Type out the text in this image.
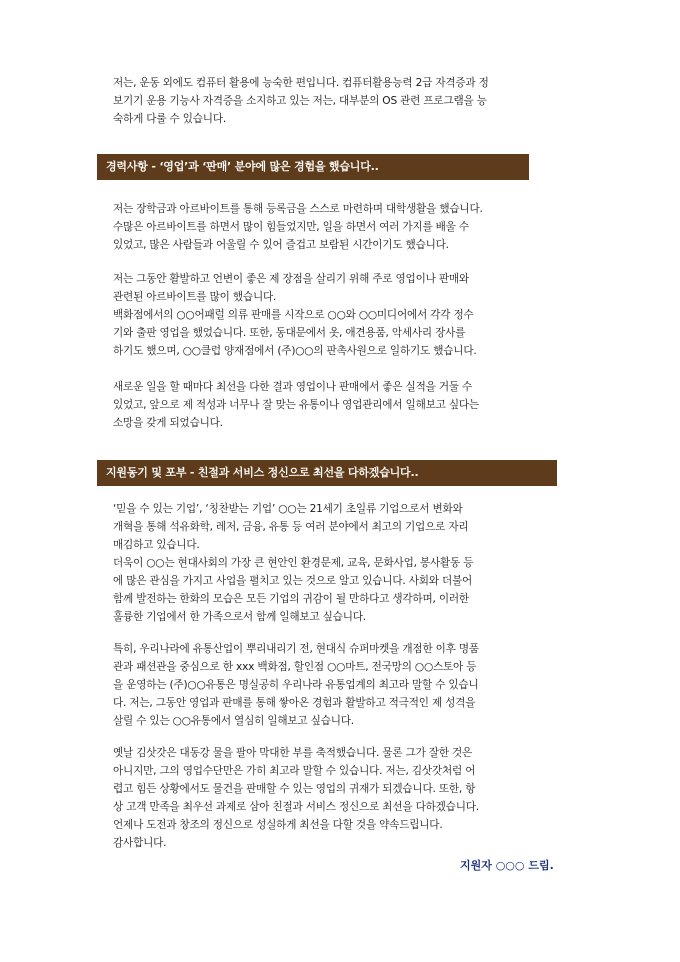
저는, 운동 외에도 컴퓨터 활용에 능숙한 편입니다. 컴퓨터활용능력 2급 자격증과 정
보기기 운용 기능사 자격증을 소지하고 있는 저는, 대부분의 OS 관련 프로그램을 능
숙하게 다룰 수 있습니다.
경력사항 - ‘영업’과 ‘판매’ 분야에 많은 경험을 했습니다..
저는 장학금과 아르바이트를 통해 등록금을 스스로 마련하며 대학생활을 했습니다.
수많은 아르바이트를 하면서 많이 힘들었지만, 일을 하면서 여러 가지를 배울 수
있었고, 많은 사람들과 어울릴 수 있어 즐겁고 보람된 시간이기도 했습니다.
저는 그동안 활발하고 언변이 좋은 제 장점을 살리기 위해 주로 영업이나 판매와
관련된 아르바이트를 많이 했습니다.
백화점에서의 ○○어패럴 의류 판매를 시작으로 ○○와 ○○미디어에서 각각 정수
기와 출판 영업을 했었습니다. 또한, 동대문에서 옷, 애견용품, 악세사리 장사를
하기도 했으며, ○○클럽 양재점에서 (주)○○의 판촉사원으로 일하기도 했습니다.
새로운 일을 할 때마다 최선을 다한 결과 영업이나 판매에서 좋은 실적을 거둘 수
있었고, 앞으로 제 적성과 너무나 잘 맞는 유통이나 영업관리에서 일해보고 싶다는
소망을 갖게 되었습니다.
지원동기 및 포부 - 친절과 서비스 정신으로 최선을 다하겠습니다..
‘믿을 수 있는 기업’, ‘칭찬받는 기업’ ○○는 21세기 초일류 기업으로서 변화와
개혁을 통해 석유화학, 레저, 금융, 유통 등 여러 분야에서 최고의 기업으로 자리
매김하고 있습니다.
더욱이 ○○는 현대사회의 가장 큰 현안인 환경문제, 교육, 문화사업, 봉사활동 등
에 많은 관심을 가지고 사업을 펼치고 있는 것으로 알고 있습니다. 사회와 더불어
함께 발전하는 한화의 모습은 모든 기업의 귀감이 될 만하다고 생각하며, 이러한
훌륭한 기업에서 한 가족으로서 함께 일해보고 싶습니다.
특히, 우리나라에 유통산업이 뿌리내리기 전, 현대식 슈퍼마켓을 개점한 이후 명품
관과 패션관을 중심으로 한 xxx 백화점, 할인점 ○○마트, 전국망의 ○○스토아 등
을 운영하는 (주)○○유통은 명실공히 우리나라 유통업계의 최고라 말할 수 있습니
다. 저는, 그동안 영업과 판매를 통해 쌓아온 경험과 활발하고 적극적인 제 성격을
살릴 수 있는 ○○유통에서 열심히 일해보고 싶습니다.
옛날 김삿갓은 대동강 물을 팔아 막대한 부를 축적했습니다. 물론 그가 잘한 것은
아니지만, 그의 영업수단만은 가히 최고라 말할 수 있습니다. 저는, 김삿갓처럼 어
렵고 힘든 상황에서도 물건을 판매할 수 있는 영업의 귀재가 되겠습니다. 또한, 항
상 고객 만족을 최우선 과제로 삼아 친절과 서비스 정신으로 최선을 다하겠습니다.
언제나 도전과 창조의 정신으로 성실하게 최선을 다할 것을 약속드립니다.
감사합니다.
지원자 ○○○ 드림.
